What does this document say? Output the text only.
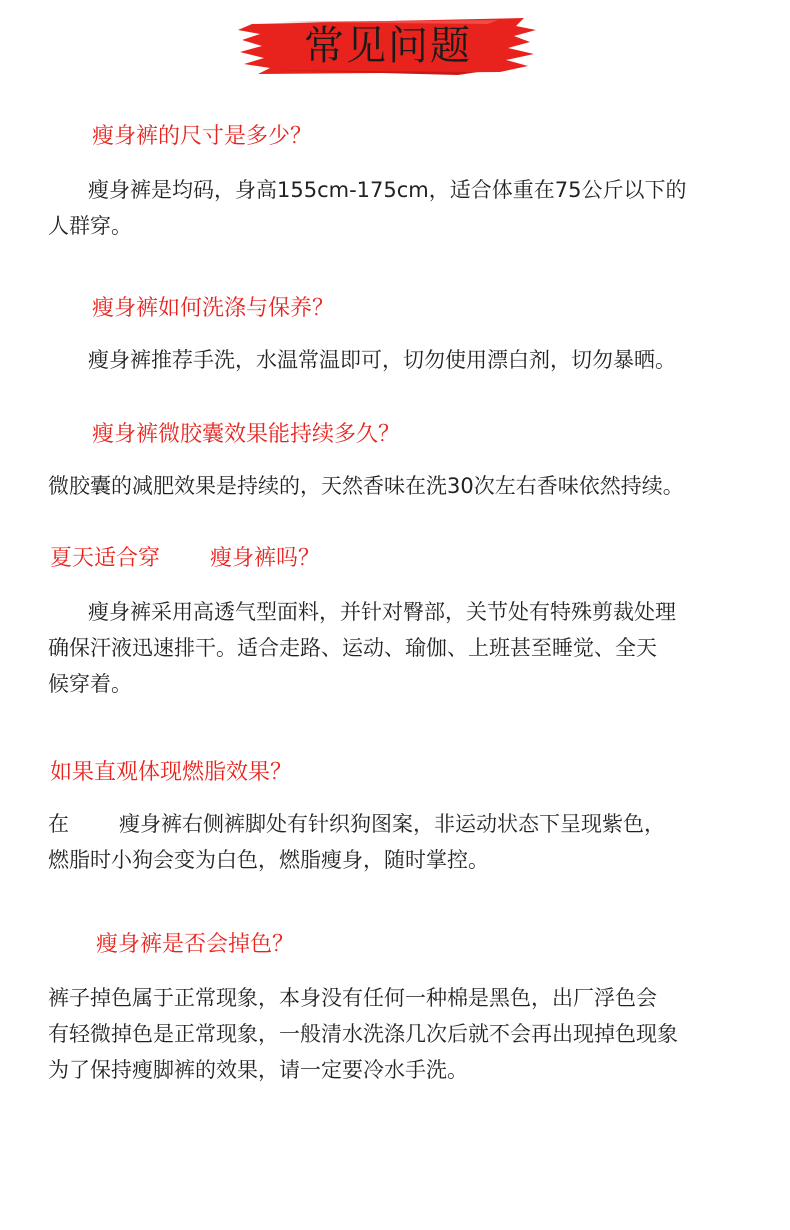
常见问题
瘦身裤的尺寸是多少？
瘦身裤是均码，身高155cm-175cm，适合体重在75公斤以下的
人群穿。
瘦身裤如何洗涤与保养？
瘦身裤推荐手洗，水温常温即可，切勿使用漂白剂，切勿暴晒。
瘦身裤微胶囊效果能持续多久？
微胶囊的减肥效果是持续的，天然香味在洗30次左右香味依然持续。
夏天适合穿 瘦身裤吗？
瘦身裤采用高透气型面料，并针对臀部，关节处有特殊剪裁处理
确保汗液迅速排干。适合走路、运动、瑜伽、上班甚至睡觉、全天
候穿着。
如果直观体现燃脂效果？
在 瘦身裤右侧裤脚处有针织狗图案，非运动状态下呈现紫色，
燃脂时小狗会变为白色，燃脂瘦身，随时掌控。
瘦身裤是否会掉色？
裤子掉色属于正常现象，本身没有任何一种棉是黑色，出厂浮色会
有轻微掉色是正常现象，一般清水洗涤几次后就不会再出现掉色现象
为了保持瘦脚裤的效果，请一定要冷水手洗。
